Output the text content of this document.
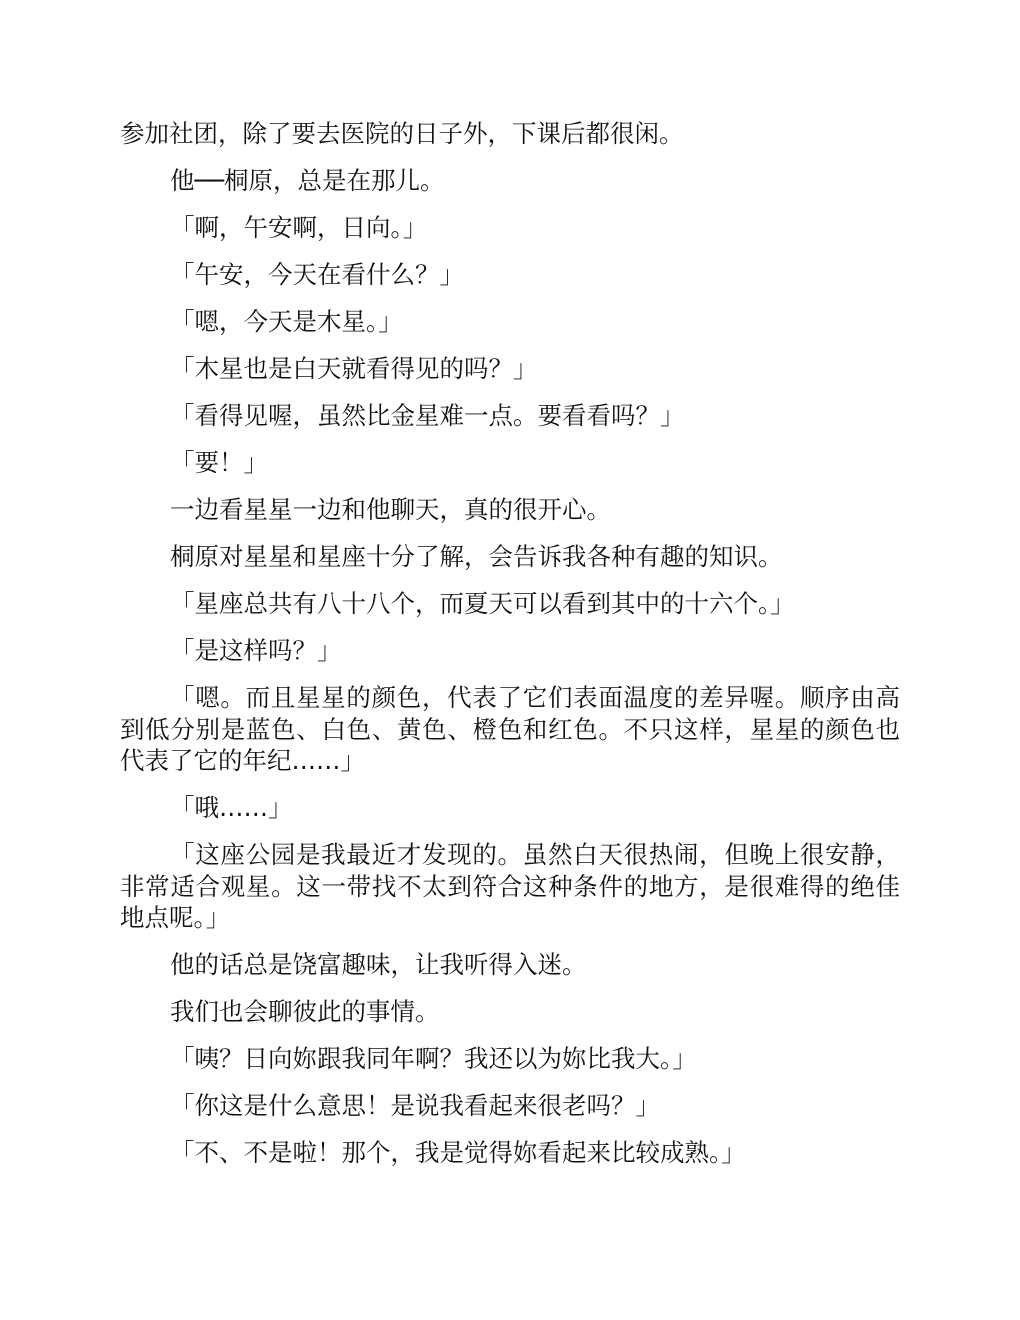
参加社团，除了要去医院的日子外，下课后都很闲。

他──桐原，总是在那儿。

「啊，午安啊，日向。」

「午安，今天在看什么？」

「嗯，今天是木星。」

「木星也是白天就看得见的吗？」

「看得见喔，虽然比金星难一点。要看看吗？」

「要！」

一边看星星一边和他聊天，真的很开心。

桐原对星星和星座十分了解，会告诉我各种有趣的知识。

「星座总共有八十八个，而夏天可以看到其中的十六个。」

「是这样吗？」

「嗯。而且星星的颜色，代表了它们表面温度的差异喔。顺序由高到低分别是蓝色、白色、黄色、橙色和红色。不只这样，星星的颜色也代表了它的年纪……」

「哦……」

「这座公园是我最近才发现的。虽然白天很热闹，但晚上很安静，非常适合观星。这一带找不太到符合这种条件的地方，是很难得的绝佳地点呢。」

他的话总是饶富趣味，让我听得入迷。

我们也会聊彼此的事情。

「咦？日向妳跟我同年啊？我还以为妳比我大。」

「你这是什么意思！是说我看起来很老吗？」

「不、不是啦！那个，我是觉得妳看起来比较成熟。」
